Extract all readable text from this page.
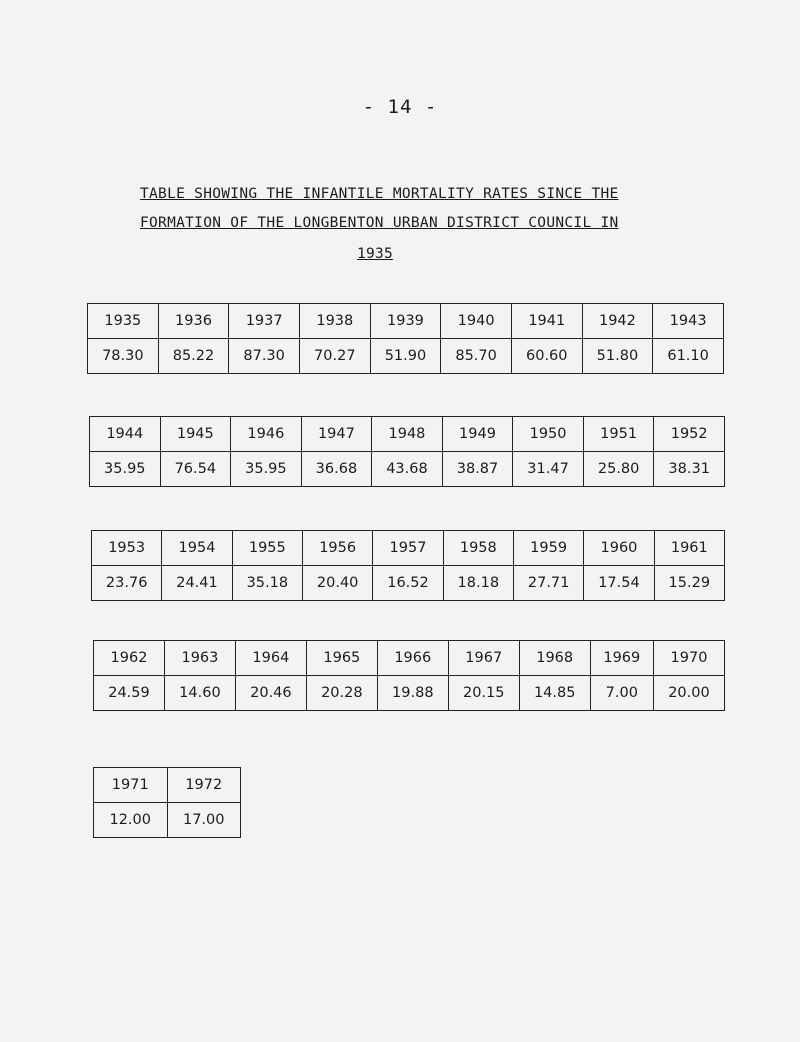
- 14 -
TABLE SHOWING THE INFANTILE MORTALITY RATES SINCE THE
FORMATION OF THE LONGBENTON URBAN DISTRICT COUNCIL IN
1935
1935	1936	1937	1938	1939	1940	1941	1942	1943
78.30	85.22	87.30	70.27	51.90	85.70	60.60	51.80	61.10
1944	1945	1946	1947	1948	1949	1950	1951	1952
35.95	76.54	35.95	36.68	43.68	38.87	31.47	25.80	38.31
1953	1954	1955	1956	1957	1958	1959	1960	1961
23.76	24.41	35.18	20.40	16.52	18.18	27.71	17.54	15.29
1962	1963	1964	1965	1966	1967	1968	1969	1970
24.59	14.60	20.46	20.28	19.88	20.15	14.85	7.00	20.00
1971	1972
12.00	17.00
